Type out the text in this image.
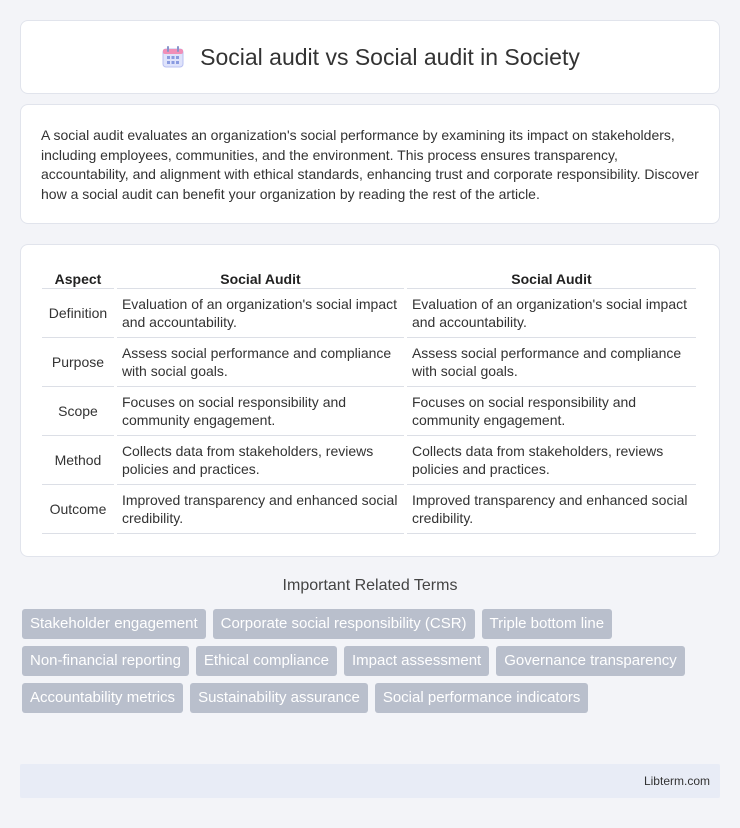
Social audit vs Social audit in Society

A social audit evaluates an organization's social performance by examining its impact on stakeholders, including employees, communities, and the environment. This process ensures transparency, accountability, and alignment with ethical standards, enhancing trust and corporate responsibility. Discover how a social audit can benefit your organization by reading the rest of the article.

Aspect	Social Audit	Social Audit
Definition	Evaluation of an organization's social impact and accountability.	Evaluation of an organization's social impact and accountability.
Purpose	Assess social performance and compliance with social goals.	Assess social performance and compliance with social goals.
Scope	Focuses on social responsibility and community engagement.	Focuses on social responsibility and community engagement.
Method	Collects data from stakeholders, reviews policies and practices.	Collects data from stakeholders, reviews policies and practices.
Outcome	Improved transparency and enhanced social credibility.	Improved transparency and enhanced social credibility.
Important Related Terms
Stakeholder engagement	Corporate social responsibility (CSR)	Triple bottom line
Non-financial reporting	Ethical compliance	Impact assessment	Governance transparency
Accountability metrics	Sustainability assurance	Social performance indicators
Libterm.com
